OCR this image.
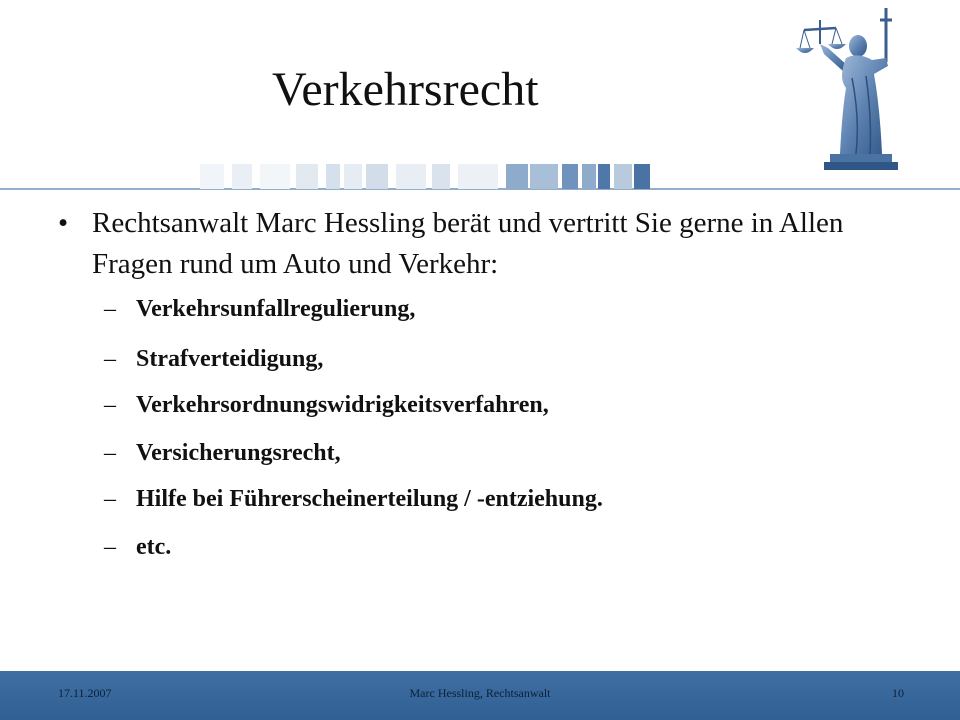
Verkehrsrecht
• Rechtsanwalt Marc Hessling berät und vertritt Sie gerne in Allen Fragen rund um Auto und Verkehr:
– Verkehrsunfallregulierung,
– Strafverteidigung,
– Verkehrsordnungswidrigkeitsverfahren,
– Versicherungsrecht,
– Hilfe bei Führerscheinerteilung / -entziehung.
– etc.
17.11.2007	Marc Hessling, Rechtsanwalt	10
